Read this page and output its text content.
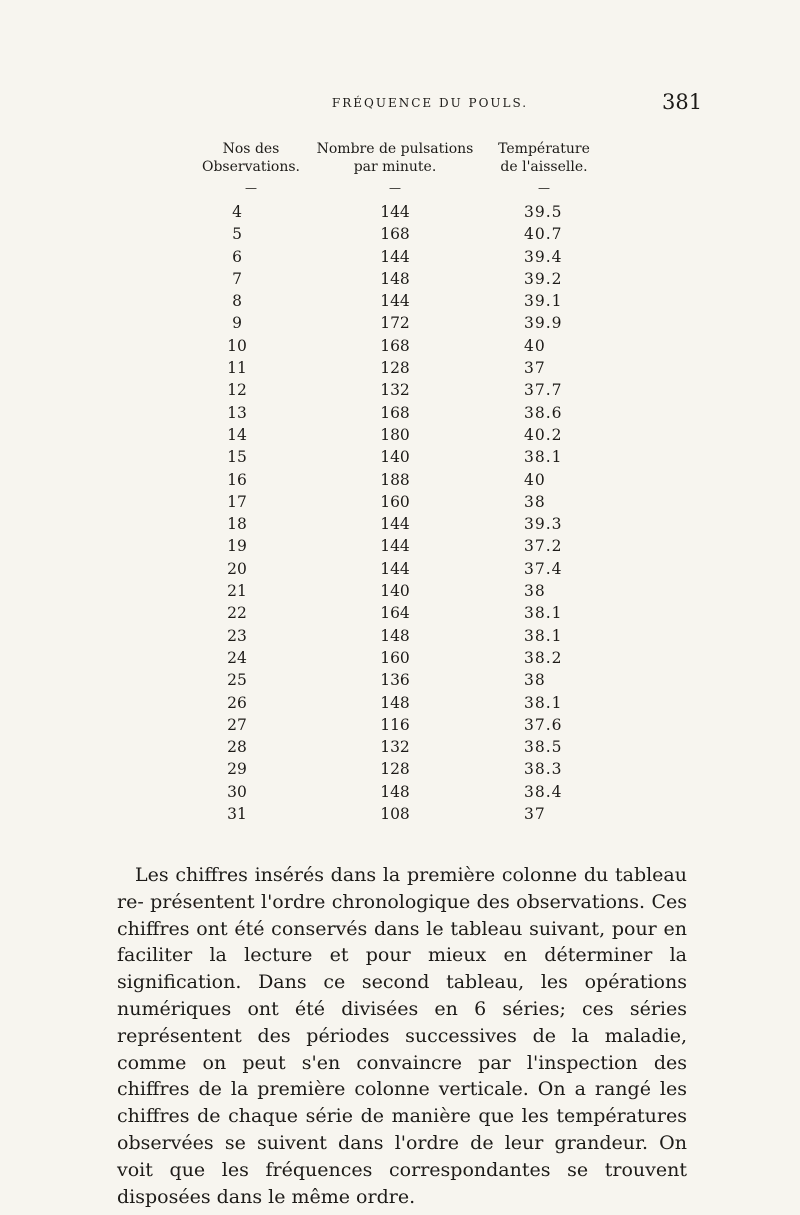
FRÉQUENCE DU POULS.	381
Nos des
Observations.
—
Nombre de pulsations
par minute.
—
Température
de l'aisselle.
—
4	144	39.5
5	168	40.7
6	144	39.4
7	148	39.2
8	144	39.1
9	172	39.9
10	168	40
11	128	37
12	132	37.7
13	168	38.6
14	180	40.2
15	140	38.1
16	188	40
17	160	38
18	144	39.3
19	144	37.2
20	144	37.4
21	140	38
22	164	38.1
23	148	38.1
24	160	38.2
25	136	38
26	148	38.1
27	116	37.6
28	132	38.5
29	128	38.3
30	148	38.4
31	108	37

Les chiffres insérés dans la première colonne du tableau re- présentent l'ordre chronologique des observations. Ces chiffres ont été conservés dans le tableau suivant, pour en faciliter la lecture et pour mieux en déterminer la signification. Dans ce second tableau, les opérations numériques ont été divisées en 6 séries; ces séries représentent des périodes successives de la maladie, comme on peut s'en convaincre par l'inspection des chiffres de la première colonne verticale. On a rangé les chiffres de chaque série de manière que les températures observées se suivent dans l'ordre de leur grandeur. On voit que les fréquences correspondantes se trouvent disposées dans le même ordre.
